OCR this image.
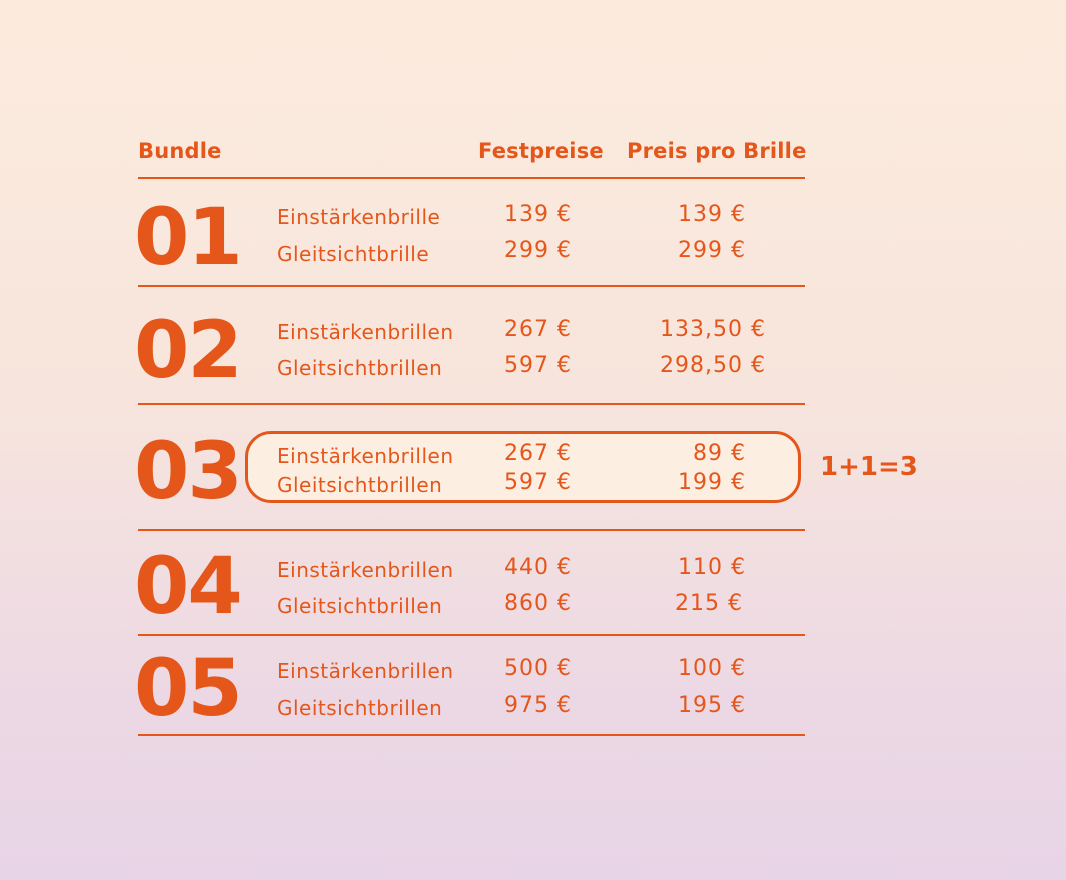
Bundle	Festpreise Preis pro Brille
01 Einstärkenbrille	139 €	139 €
Gleitsichtbrille	299 €	299 €
02 Einstärkenbrillen	267 €	133,50 €
Gleitsichtbrillen	597 €	298,50 €
03 Einstärkenbrillen	267 €	89 €
Gleitsichtbrillen	597 €	199 €
1+1=3
04 Einstärkenbrillen	440 €	110 €
Gleitsichtbrillen	860 €	215 €
05 Einstärkenbrillen	500 €	100 €
Gleitsichtbrillen	975 €	195 €
